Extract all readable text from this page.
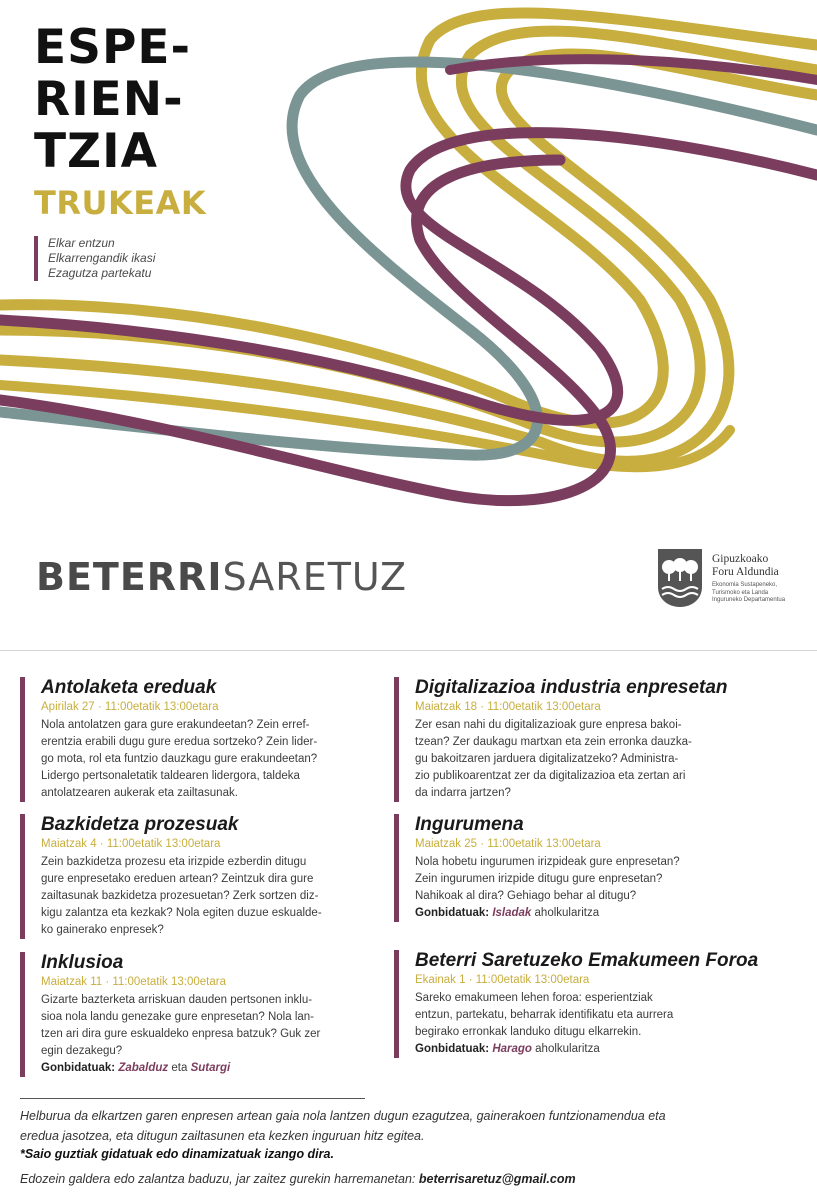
ESPE-
RIEN-
TZIA
TRUKEAK
Elkar entzun
Elkarrengandik ikasi
Ezagutza partekatu
BETERRISARETUZ	Gipuzkoako
Foru Aldundia
Ekonomia Sustapeneko,
Turismoko eta Landa
Inguruneko Departamentua
Antolaketa ereduak
Apirilak 27 · 11:00etatik 13:00etara
Nola antolatzen gara gure erakundeetan? Zein erref-
erentzia erabili dugu gure eredua sortzeko? Zein lider-
go mota, rol eta funtzio dauzkagu gure erakundeetan?
Lidergo pertsonaletatik taldearen lidergora, taldeka
antolatzearen aukerak eta zailtasunak.
Bazkidetza prozesuak
Maiatzak 4 · 11:00etatik 13:00etara
Zein bazkidetza prozesu eta irizpide ezberdin ditugu
gure enpresetako ereduen artean? Zeintzuk dira gure
zailtasunak bazkidetza prozesuetan? Zerk sortzen diz-
kigu zalantza eta kezkak? Nola egiten duzue eskualde-
ko gainerako enpresek?
Inklusioa
Maiatzak 11 · 11:00etatik 13:00etara
Gizarte bazterketa arriskuan dauden pertsonen inklu-
sioa nola landu genezake gure enpresetan? Nola lan-
tzen ari dira gure eskualdeko enpresa batzuk? Guk zer
egin dezakegu?
Gonbidatuak: Zabalduz eta Sutargi
Digitalizazioa industria enpresetan
Maiatzak 18 · 11:00etatik 13:00etara
Zer esan nahi du digitalizazioak gure enpresa bakoi-
tzean? Zer daukagu martxan eta zein erronka dauzka-
gu bakoitzaren jarduera digitalizatzeko? Administra-
zio publikoarentzat zer da digitalizazioa eta zertan ari
da indarra jartzen?
Ingurumena
Maiatzak 25 · 11:00etatik 13:00etara
Nola hobetu ingurumen irizpideak gure enpresetan?
Zein ingurumen irizpide ditugu gure enpresetan?
Nahikoak al dira? Gehiago behar al ditugu?
Gonbidatuak: Isladak aholkularitza
Beterri Saretuzeko Emakumeen Foroa
Ekainak 1 · 11:00etatik 13:00etara
Sareko emakumeen lehen foroa: esperientziak
entzun, partekatu, beharrak identifikatu eta aurrera
begirako erronkak landuko ditugu elkarrekin.
Gonbidatuak: Harago aholkularitza
Helburua da elkartzen garen enpresen artean gaia nola lantzen dugun ezagutzea, gainerakoen funtzionamendua eta
eredua jasotzea, eta ditugun zailtasunen eta kezken inguruan hitz egitea.
*Saio guztiak gidatuak edo dinamizatuak izango dira.
Edozein galdera edo zalantza baduzu, jar zaitez gurekin harremanetan: beterrisaretuz@gmail.com
